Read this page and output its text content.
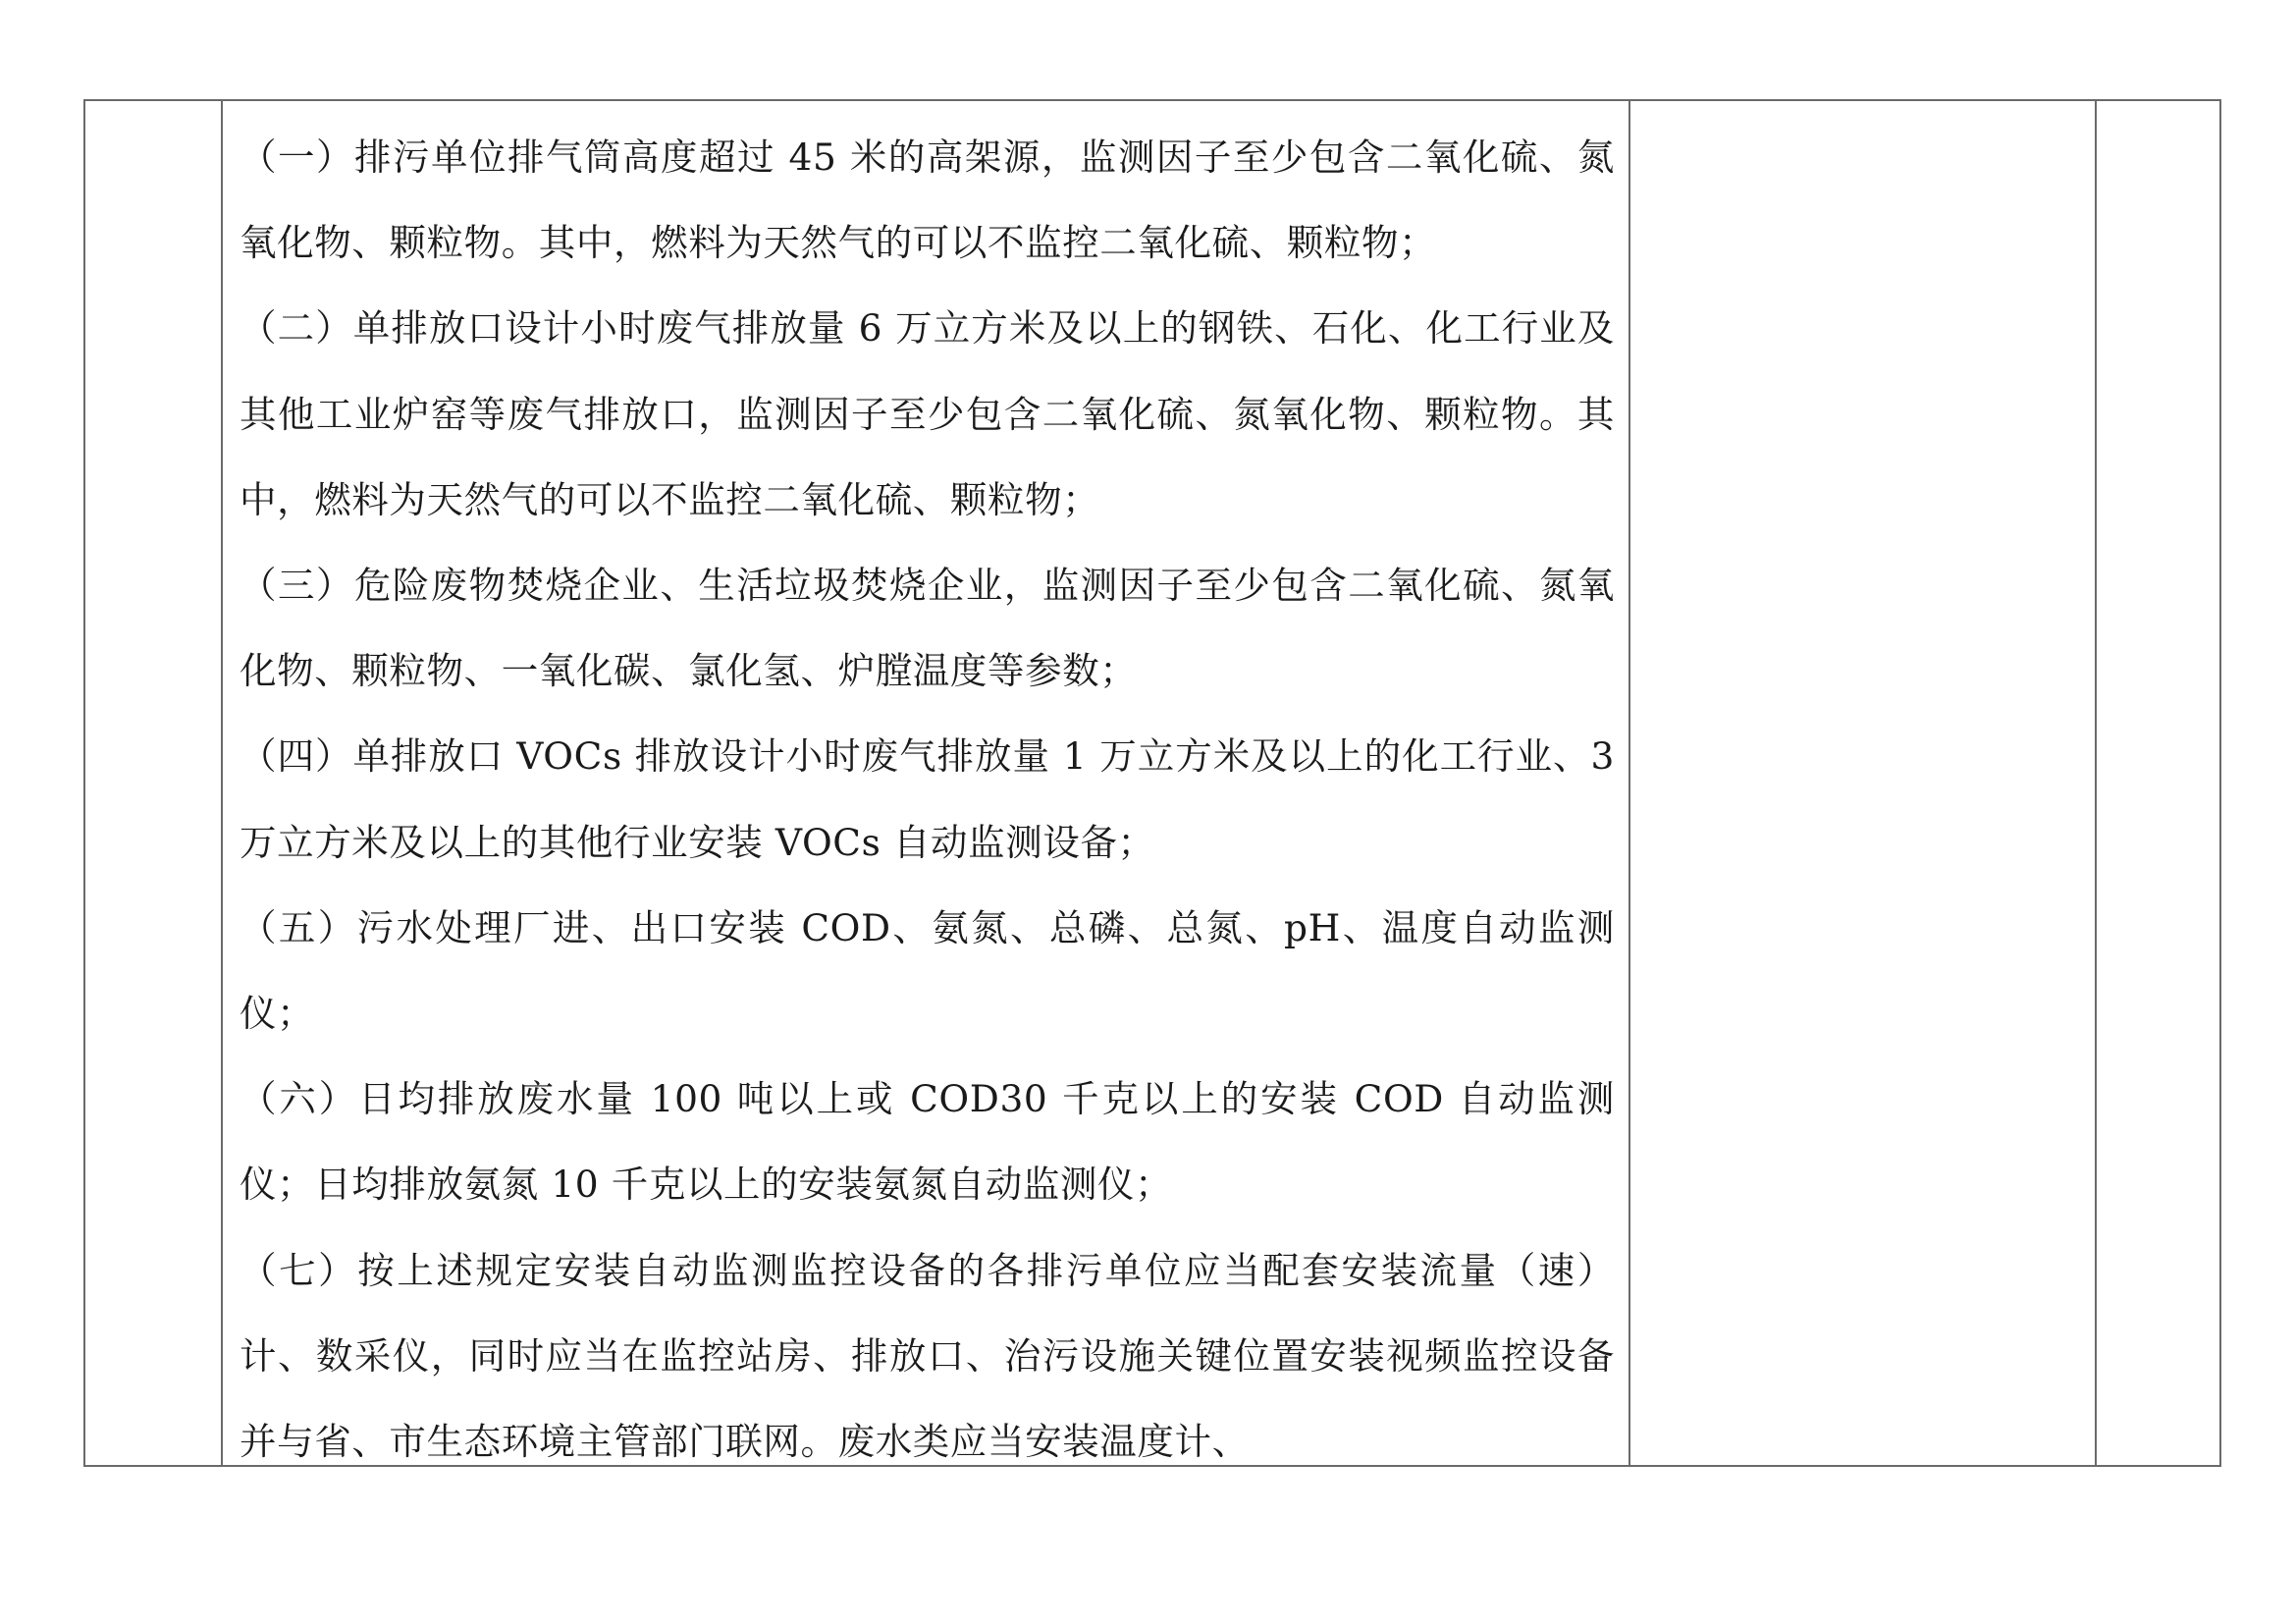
（一）排污单位排气筒高度超过 45 米的高架源，监测因子至少包含二氧化硫、氮氧化物、颗粒物。其中，燃料为天然气的可以不监控二氧化硫、颗粒物；

（二）单排放口设计小时废气排放量 6 万立方米及以上的钢铁、石化、化工行业及其他工业炉窑等废气排放口，监测因子至少包含二氧化硫、氮氧化物、颗粒物。其中，燃料为天然气的可以不监控二氧化硫、颗粒物；

（三）危险废物焚烧企业、生活垃圾焚烧企业，监测因子至少包含二氧化硫、氮氧化物、颗粒物、一氧化碳、氯化氢、炉膛温度等参数；

（四）单排放口 VOCs 排放设计小时废气排放量 1 万立方米及以上的化工行业、3 万立方米及以上的其他行业安装 VOCs 自动监测设备；

（五）污水处理厂进、出口安装 COD、氨氮、总磷、总氮、pH、温度自动监测仪；

（六）日均排放废水量 100 吨以上或 COD30 千克以上的安装 COD 自动监测仪；日均排放氨氮 10 千克以上的安装氨氮自动监测仪；

（七）按上述规定安装自动监测监控设备的各排污单位应当配套安装流量（速）计、数采仪，同时应当在监控站房、排放口、治污设施关键位置安装视频监控设备并与省、市生态环境主管部门联网。废水类应当安装温度计、
